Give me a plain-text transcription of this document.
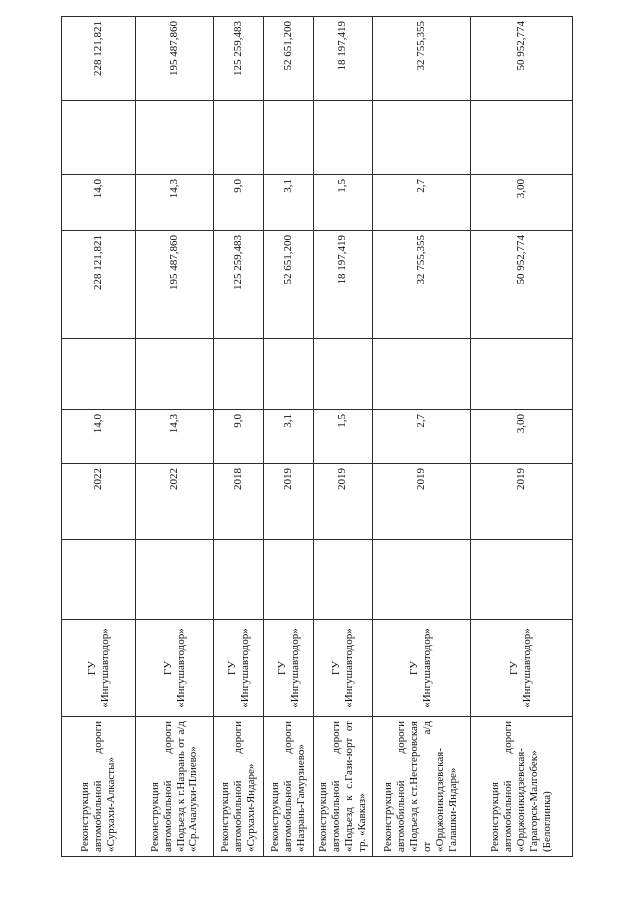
Реконструкция автомобильной дороги «Сурхахи-Алкасты»	ГУ «Ингушавтодор»		2022	14,0		228 121,821	14,0		228 121,821
Реконструкция автомобильной дороги «Подъезд к г.Назрань от а/д «Ср.Ачалуки-Плиево»	ГУ «Ингушавтодор»		2022	14,3		195 487,860	14,3		195 487,860
Реконструкция автомобильной дороги «Сурхахи-Яндаре»	ГУ «Ингушавтодор»		2018	9,0		125 259,483	9,0		125 259,483
Реконструкция автомобильной дороги «Назрань-Гамурзиево»	ГУ «Ингушавтодор»		2019	3,1		52 651,200	3,1		52 651,200
Реконструкция автомобильной дороги «Подъезд к с.Гази-юрт от тр. «Кавказ»	ГУ «Ингушавтодор»		2019	1,5		18 197,419	1,5		18 197,419
Реконструкция автомобильной дороги «Подъезд к ст.Нестеровская от а/д «Орджоникидзевская-Галашки-Яндаре»	ГУ «Ингушавтодор»		2019	2,7		32 755,355	2,7		32 755,355
Реконструкция автомобильной дороги «Орджоникидзевская-Гарагорск-Малгобек» (Белоглинка)	ГУ «Ингушавтодор»		2019	3,00		50 952,774	3,00		50 952,774
